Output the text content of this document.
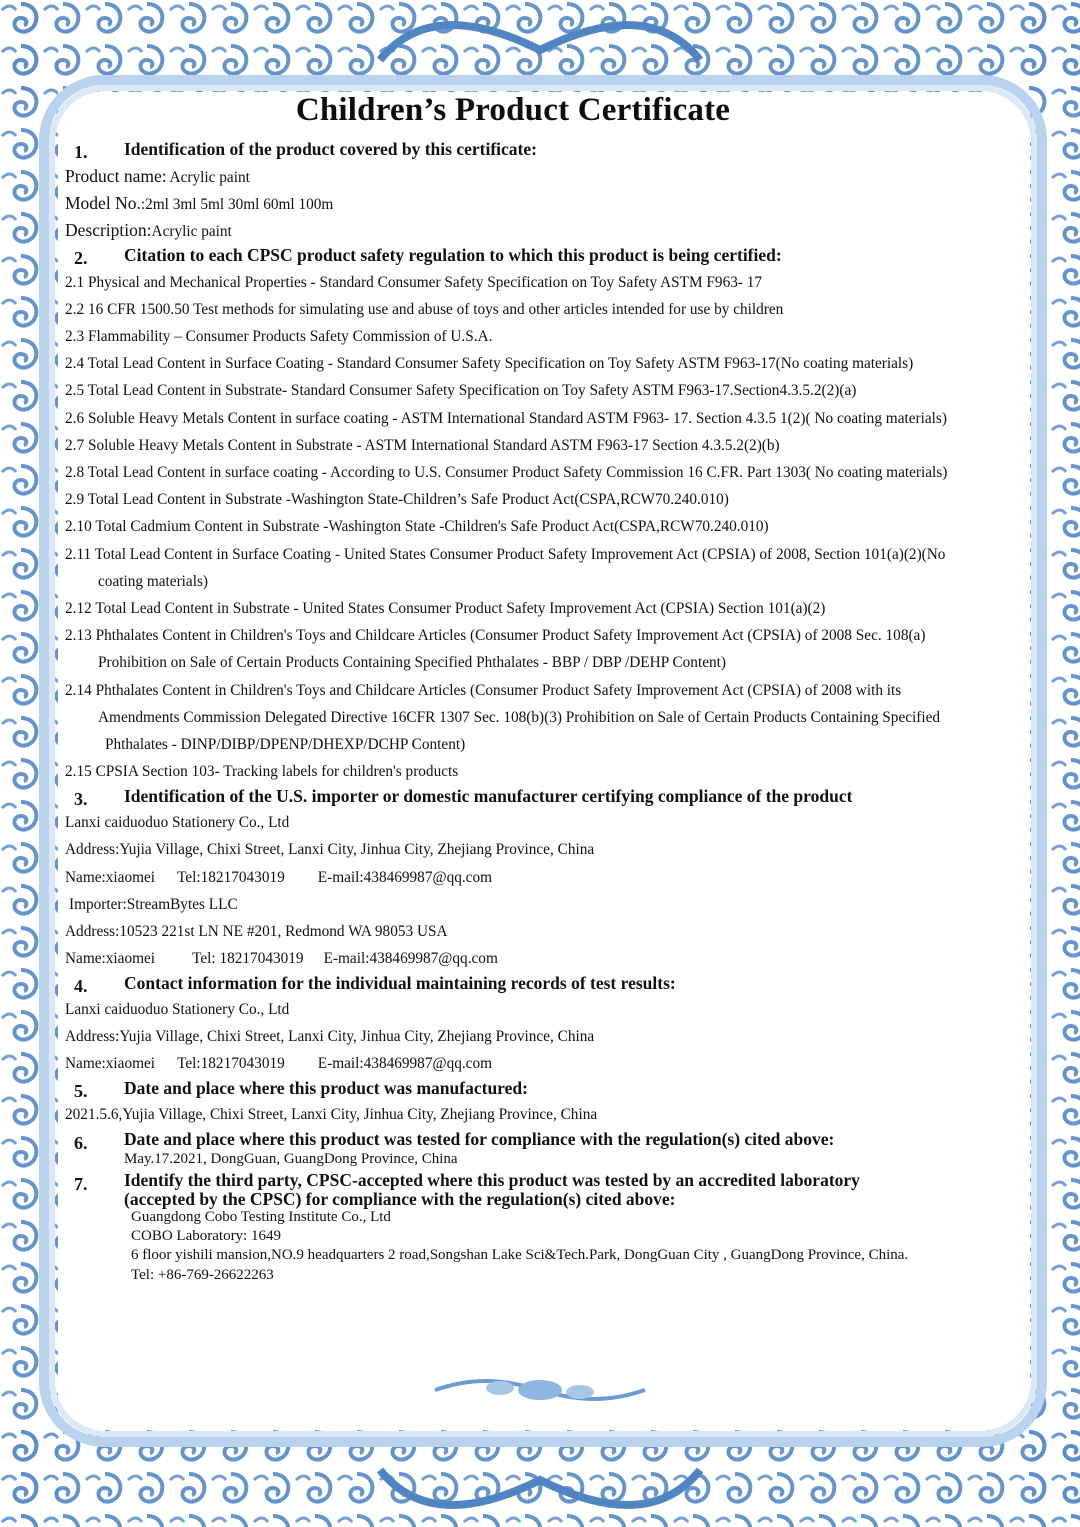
Children’s Product Certificate
1. Identification of the product covered by this certificate:
Product name: Acrylic paint
Model No.:2ml 3ml 5ml 30ml 60ml 100m
Description:Acrylic paint
2. Citation to each CPSC product safety regulation to which this product is being certified:
2.1 Physical and Mechanical Properties - Standard Consumer Safety Specification on Toy Safety ASTM F963- 17
2.2 16 CFR 1500.50 Test methods for simulating use and abuse of toys and other articles intended for use by children
2.3 Flammability – Consumer Products Safety Commission of U.S.A.
2.4 Total Lead Content in Surface Coating - Standard Consumer Safety Specification on Toy Safety ASTM F963-17(No coating materials)
2.5 Total Lead Content in Substrate- Standard Consumer Safety Specification on Toy Safety ASTM F963-17.Section4.3.5.2(2)(a)
2.6 Soluble Heavy Metals Content in surface coating - ASTM International Standard ASTM F963- 17. Section 4.3.5 1(2)( No coating materials)
2.7 Soluble Heavy Metals Content in Substrate - ASTM International Standard ASTM F963-17 Section 4.3.5.2(2)(b)
2.8 Total Lead Content in surface coating - According to U.S. Consumer Product Safety Commission 16 C.FR. Part 1303( No coating materials)
2.9 Total Lead Content in Substrate -Washington State-Children’s Safe Product Act(CSPA,RCW70.240.010)
2.10 Total Cadmium Content in Substrate -Washington State -Children's Safe Product Act(CSPA,RCW70.240.010)
2.11 Total Lead Content in Surface Coating - United States Consumer Product Safety Improvement Act (CPSIA) of 2008, Section 101(a)(2)(No
coating materials)
2.12 Total Lead Content in Substrate - United States Consumer Product Safety Improvement Act (CPSIA) Section 101(a)(2)
2.13 Phthalates Content in Children's Toys and Childcare Articles (Consumer Product Safety Improvement Act (CPSIA) of 2008 Sec. 108(a)
Prohibition on Sale of Certain Products Containing Specified Phthalates - BBP / DBP /DEHP Content)
2.14 Phthalates Content in Children's Toys and Childcare Articles (Consumer Product Safety Improvement Act (CPSIA) of 2008 with its
Amendments Commission Delegated Directive 16CFR 1307 Sec. 108(b)(3) Prohibition on Sale of Certain Products Containing Specified
Phthalates - DINP/DIBP/DPENP/DHEXP/DCHP Content)
2.15 CPSIA Section 103- Tracking labels for children's products
3. Identification of the U.S. importer or domestic manufacturer certifying compliance of the product
Lanxi caiduoduo Stationery Co., Ltd
Address:Yujia Village, Chixi Street, Lanxi City, Jinhua City, Zhejiang Province, China
Name:xiaomei Tel:18217043019 E-mail:438469987@qq.com
Importer:StreamBytes LLC
Address:10523 221st LN NE #201, Redmond WA 98053 USA
Name:xiaomei Tel: 18217043019 E-mail:438469987@qq.com
4. Contact information for the individual maintaining records of test results:
Lanxi caiduoduo Stationery Co., Ltd
Address:Yujia Village, Chixi Street, Lanxi City, Jinhua City, Zhejiang Province, China
Name:xiaomei Tel:18217043019 E-mail:438469987@qq.com
5. Date and place where this product was manufactured:
2021.5.6,Yujia Village, Chixi Street, Lanxi City, Jinhua City, Zhejiang Province, China
6. Date and place where this product was tested for compliance with the regulation(s) cited above:
May.17.2021, DongGuan, GuangDong Province, China
7. Identify the third party, CPSC-accepted where this product was tested by an accredited laboratory
(accepted by the CPSC) for compliance with the regulation(s) cited above:
Guangdong Cobo Testing Institute Co., Ltd
COBO Laboratory: 1649
6 floor yishili mansion,NO.9 headquarters 2 road,Songshan Lake Sci&Tech.Park, DongGuan City , GuangDong Province, China.
Tel: +86-769-26622263
